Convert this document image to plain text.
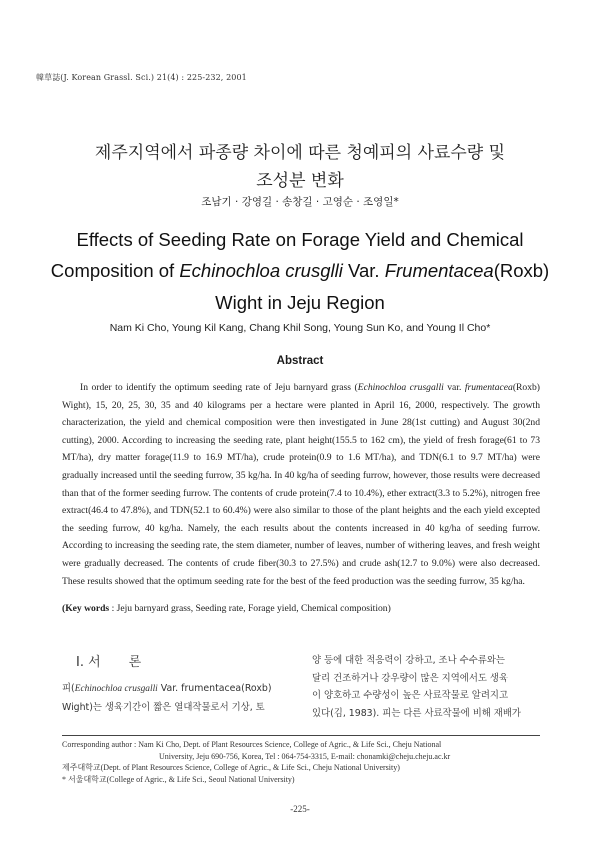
韓草誌(J. Korean Grassl. Sci.) 21(4) : 225-232, 2001
제주지역에서 파종량 차이에 따른 청예피의 사료수량 및
조성분 변화
조남기 · 강영길 · 송창길 · 고영순 · 조영일*
Effects of Seeding Rate on Forage Yield and Chemical
Composition of Echinochloa crusglli Var. Frumentacea(Roxb)
Wight in Jeju Region
Nam Ki Cho, Young Kil Kang, Chang Khil Song, Young Sun Ko, and Young Il Cho*
Abstract
In order to identify the optimum seeding rate of Jeju barnyard grass (Echinochloa crusgalli var. frumentacea(Roxb) Wight), 15, 20, 25, 30, 35 and 40 kilograms per a hectare were planted in April 16, 2000, respectively. The growth characterization, the yield and chemical composition were then investigated in June 28(1st cutting) and August 30(2nd cutting), 2000. According to increasing the seeding rate, plant height(155.5 to 162 cm), the yield of fresh forage(61 to 73 MT/ha), dry matter forage(11.9 to 16.9 MT/ha), crude protein(0.9 to 1.6 MT/ha), and TDN(6.1 to 9.7 MT/ha) were gradually increased until the seeding furrow, 35 kg/ha. In 40 kg/ha of seeding furrow, however, those results were decreased than that of the former seeding furrow. The contents of crude protein(7.4 to 10.4%), ether extract(3.3 to 5.2%), nitrogen free extract(46.4 to 47.8%), and TDN(52.1 to 60.4%) were also similar to those of the plant heights and the each yield excepted the seeding furrow, 40 kg/ha. Namely, the each results about the contents increased in 40 kg/ha of seeding furrow. According to increasing the seeding rate, the stem diameter, number of leaves, number of withering leaves, and fresh weight were gradually decreased. The contents of crude fiber(30.3 to 27.5%) and crude ash(12.7 to 9.0%) were also decreased. These results showed that the optimum seeding rate for the best of the feed production was the seeding furrow, 35 kg/ha.
(Key words : Jeju barnyard grass, Seeding rate, Forage yield, Chemical composition)
I. 서 론
피(Echinochloa crusgalli Var. frumentacea(Roxb)
Wight)는 생육기간이 짧은 열대작물로서 기상, 토
양 등에 대한 적응력이 강하고, 조나 수수류와는
달리 건조하거나 강우량이 많은 지역에서도 생육
이 양호하고 수량성이 높은 사료작물로 알려지고
있다(김, 1983). 피는 다른 사료작물에 비해 재배가
Corresponding author : Nam Ki Cho, Dept. of Plant Resources Science, College of Agric., & Life Sci., Cheju National
University, Jeju 690-756, Korea, Tel : 064-754-3315, E-mail: chonamki@cheju.cheju.ac.kr
제주대학교(Dept. of Plant Resources Science, College of Agric., & Life Sci., Cheju National University)
* 서울대학교(College of Agric., & Life Sci., Seoul National University)
-225-
